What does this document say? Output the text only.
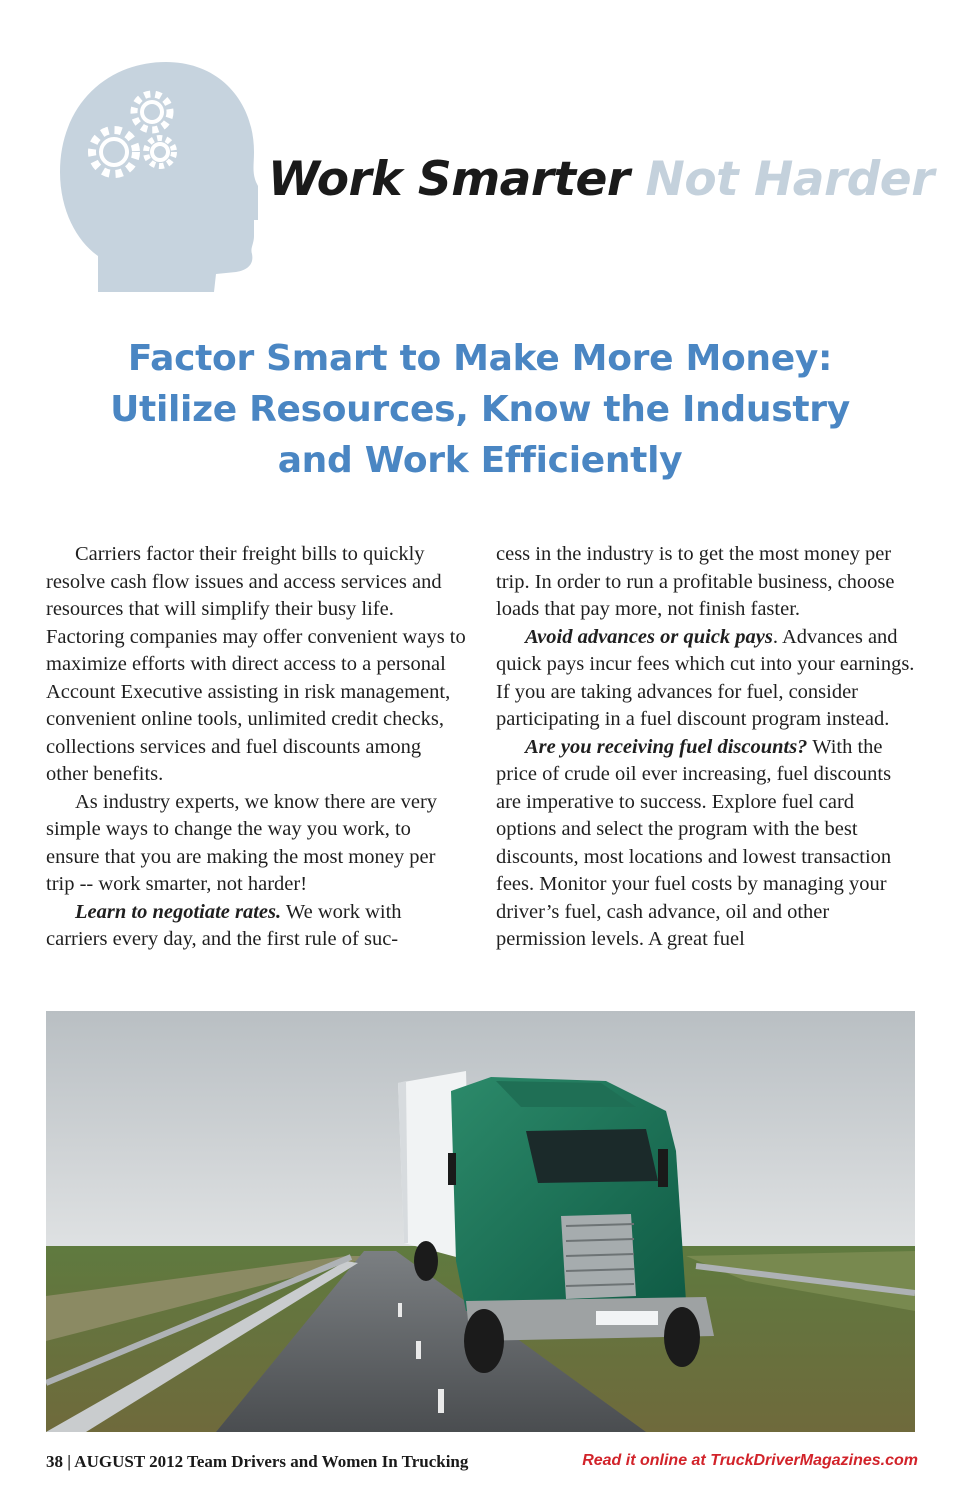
Work Smarter Not Harder
Factor Smart to Make More Money:
Utilize Resources, Know the Industry
and Work Efficiently

Carriers factor their freight bills to quickly resolve cash flow issues and access services and resources that will simplify their busy life. Factoring companies may offer convenient ways to maximize efforts with direct access to a personal Account Executive assisting in risk management, convenient online tools, unlimited credit checks, collections services and fuel discounts among other benefits.

As industry experts, we know there are very simple ways to change the way you work, to ensure that you are making the most money per trip -- work smarter, not harder!

Learn to negotiate rates. We work with carriers every day, and the first rule of suc-

cess in the industry is to get the most money per trip. In order to run a profitable business, choose loads that pay more, not finish faster.

Avoid advances or quick pays. Advances and quick pays incur fees which cut into your earnings. If you are taking advances for fuel, consider participating in a fuel discount program instead.

Are you receiving fuel discounts? With the price of crude oil ever increasing, fuel discounts are imperative to success. Explore fuel card options and select the program with the best discounts, most locations and lowest transaction fees. Monitor your fuel costs by managing your driver’s fuel, cash advance, oil and other permission levels. A great fuel

38 | AUGUST 2012 Team Drivers and Women In Trucking	Read it online at TruckDriverMagazines.com
